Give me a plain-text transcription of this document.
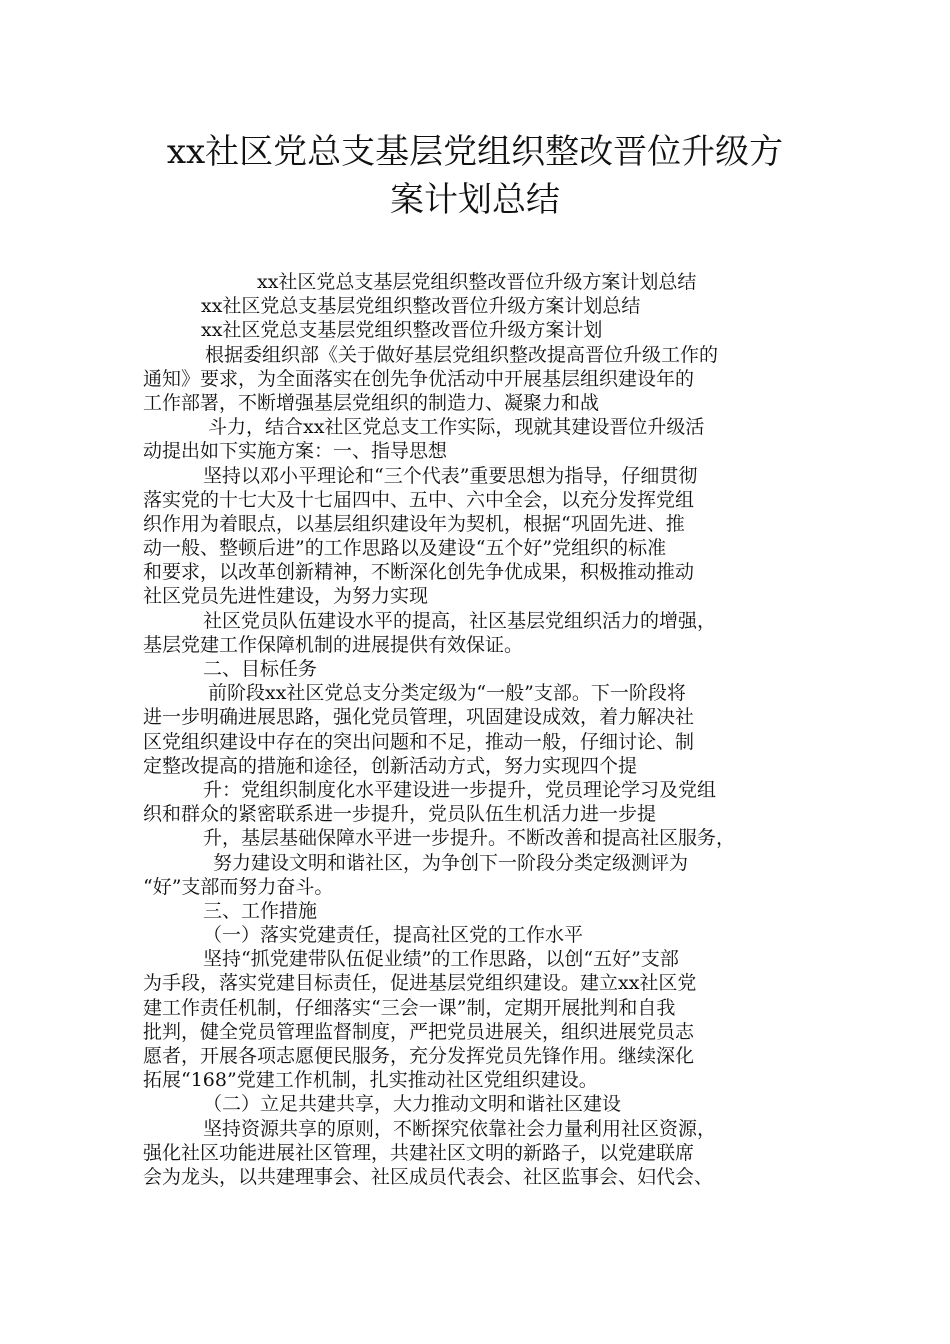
xx社区党总支基层党组织整改晋位升级方
案计划总结
xx社区党总支基层党组织整改晋位升级方案计划总结
xx社区党总支基层党组织整改晋位升级方案计划总结
xx社区党总支基层党组织整改晋位升级方案计划
根据委组织部《关于做好基层党组织整改提高晋位升级工作的
通知》要求，为全面落实在创先争优活动中开展基层组织建设年的
工作部署，不断增强基层党组织的制造力、凝聚力和战
斗力，结合xx社区党总支工作实际，现就其建设晋位升级活
动提出如下实施方案：一、指导思想
坚持以邓小平理论和“三个代表”重要思想为指导，仔细贯彻
落实党的十七大及十七届四中、五中、六中全会，以充分发挥党组
织作用为着眼点，以基层组织建设年为契机，根据“巩固先进、推
动一般、整顿后进”的工作思路以及建设“五个好”党组织的标准
和要求，以改革创新精神，不断深化创先争优成果，积极推动推动
社区党员先进性建设，为努力实现
社区党员队伍建设水平的提高，社区基层党组织活力的增强，
基层党建工作保障机制的进展提供有效保证。
二、目标任务
前阶段xx社区党总支分类定级为“一般”支部。下一阶段将
进一步明确进展思路，强化党员管理，巩固建设成效，着力解决社
区党组织建设中存在的突出问题和不足，推动一般，仔细讨论、制
定整改提高的措施和途径，创新活动方式，努力实现四个提
升：党组织制度化水平建设进一步提升，党员理论学习及党组
织和群众的紧密联系进一步提升，党员队伍生机活力进一步提
升，基层基础保障水平进一步提升。不断改善和提高社区服务，
努力建设文明和谐社区，为争创下一阶段分类定级测评为
“好”支部而努力奋斗。
三、工作措施
（一）落实党建责任，提高社区党的工作水平
坚持“抓党建带队伍促业绩”的工作思路，以创“五好”支部
为手段，落实党建目标责任，促进基层党组织建设。建立xx社区党
建工作责任机制，仔细落实“三会一课”制，定期开展批判和自我
批判，健全党员管理监督制度，严把党员进展关，组织进展党员志
愿者，开展各项志愿便民服务，充分发挥党员先锋作用。继续深化
拓展“168”党建工作机制，扎实推动社区党组织建设。
（二）立足共建共享，大力推动文明和谐社区建设
坚持资源共享的原则，不断探究依靠社会力量利用社区资源，
强化社区功能进展社区管理，共建社区文明的新路子，以党建联席
会为龙头，以共建理事会、社区成员代表会、社区监事会、妇代会、
